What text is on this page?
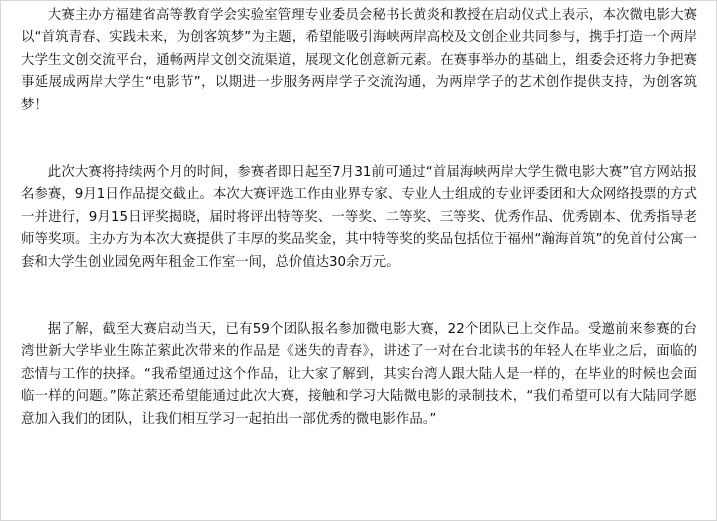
大赛主办方福建省高等教育学会实验室管理专业委员会秘书长黄炎和教授在启动仪式上表示，本次微电影大赛以“首筑青春、实践未来，为创客筑梦”为主题，希望能吸引海峡两岸高校及文创企业共同参与，携手打造一个两岸大学生文创交流平台，通畅两岸文创交流渠道，展现文化创意新元素。在赛事举办的基础上，组委会还将力争把赛事延展成两岸大学生“电影节”，以期进一步服务两岸学子交流沟通，为两岸学子的艺术创作提供支持，为创客筑梦！

此次大赛将持续两个月的时间，参赛者即日起至7月31前可通过“首届海峡两岸大学生微电影大赛”官方网站报名参赛，9月1日作品提交截止。本次大赛评选工作由业界专家、专业人士组成的专业评委团和大众网络投票的方式一并进行，9月15日评奖揭晓，届时将评出特等奖、一等奖、二等奖、三等奖、优秀作品、优秀剧本、优秀指导老师等奖项。主办方为本次大赛提供了丰厚的奖品奖金，其中特等奖的奖品包括位于福州“瀚海首筑”的免首付公寓一套和大学生创业园免两年租金工作室一间，总价值达30余万元。

据了解，截至大赛启动当天，已有59个团队报名参加微电影大赛，22个团队已上交作品。受邀前来参赛的台湾世新大学毕业生陈芷萦此次带来的作品是《迷失的青春》，讲述了一对在台北读书的年轻人在毕业之后，面临的恋情与工作的抉择。“我希望通过这个作品，让大家了解到，其实台湾人跟大陆人是一样的，在毕业的时候也会面临一样的问题。”陈芷萦还希望能通过此次大赛，接触和学习大陆微电影的录制技术，“我们希望可以有大陆同学愿意加入我们的团队，让我们相互学习一起拍出一部优秀的微电影作品。”
